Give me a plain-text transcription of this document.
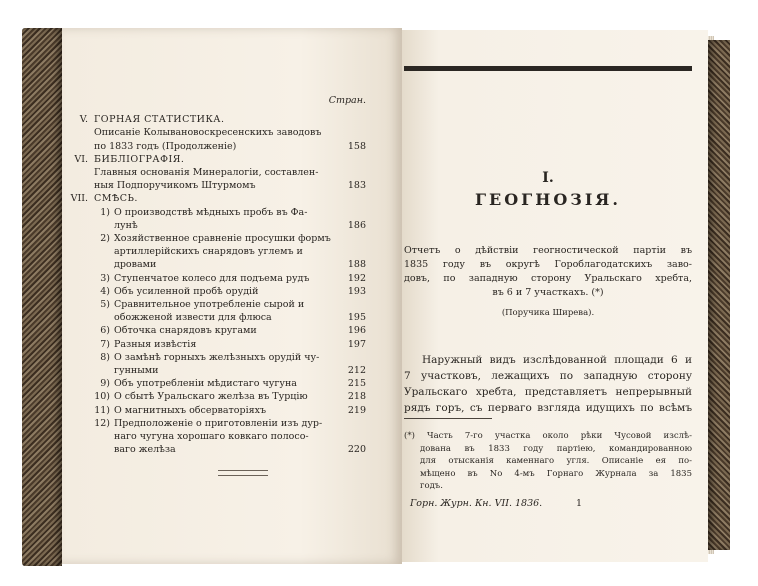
Стран.
V. ГОРНАЯ СТАТИСТИКА.
Описаніе Колывановоскресенскихъ заводовъ
по 1833 годъ (Продолженіе)	158
VI. БИБЛІОГРАФІЯ.
Главныя основанія Минералогіи, составлен-
ныя Подпоручикомъ Штурмомъ	183
VII. СМѢСЬ.
1) О производствѣ мѣдныхъ пробъ въ Фа-
лунѣ	186
2) Хозяйственное сравненіе просушки формъ
артиллерійскихъ снарядовъ углемъ и
дровами	188
3) Ступенчатое колесо для подъема рудъ	192
4) Объ усиленной пробѣ орудій	193
5) Сравнительное употребленіе сырой и
обожженой извести для флюса	195
6) Обточка снарядовъ кругами	196
7) Разныя извѣстія	197
8) О замѣнѣ горныхъ желѣзныхъ орудій чу-
гунными	212
9) Объ употребленіи мѣдистаго чугуна	215
10) О сбытѣ Уральскаго желѣза въ Турцію	218
11) О магнитныхъ обсерваторіяхъ	219
12) Предположеніе о приготовленіи изъ дур-
наго чугуна хорошаго ковкаго полосо-
ваго желѣза	220
I.
ГЕОГНОЗІЯ.
Отчетъ о дѣйствіи геогностической партіи въ
1835 году въ округѣ Гороблагодатскихъ заво-
довъ, по западную сторону Уральскаго хребта,
въ 6 и 7 участкахъ. (*)
(Поручика Ширева).
Наружный видъ изслѣдованной площади 6 и
7 участковъ, лежащихъ по западную сторону
Уральскаго хребта, представляетъ непрерывный
рядъ горъ, съ перваго взгляда идущихъ по всѣмъ
(*) Часть 7-го участка около рѣки Чусовой изслѣ-
дована въ 1833 году партіею, командированною
для отысканія каменнаго угля. Описаніе ея по-
мѣщено въ No 4-мъ Горнаго Журнала за 1835
годъ.
Горн. Журн. Кн. VII. 1836.	1
